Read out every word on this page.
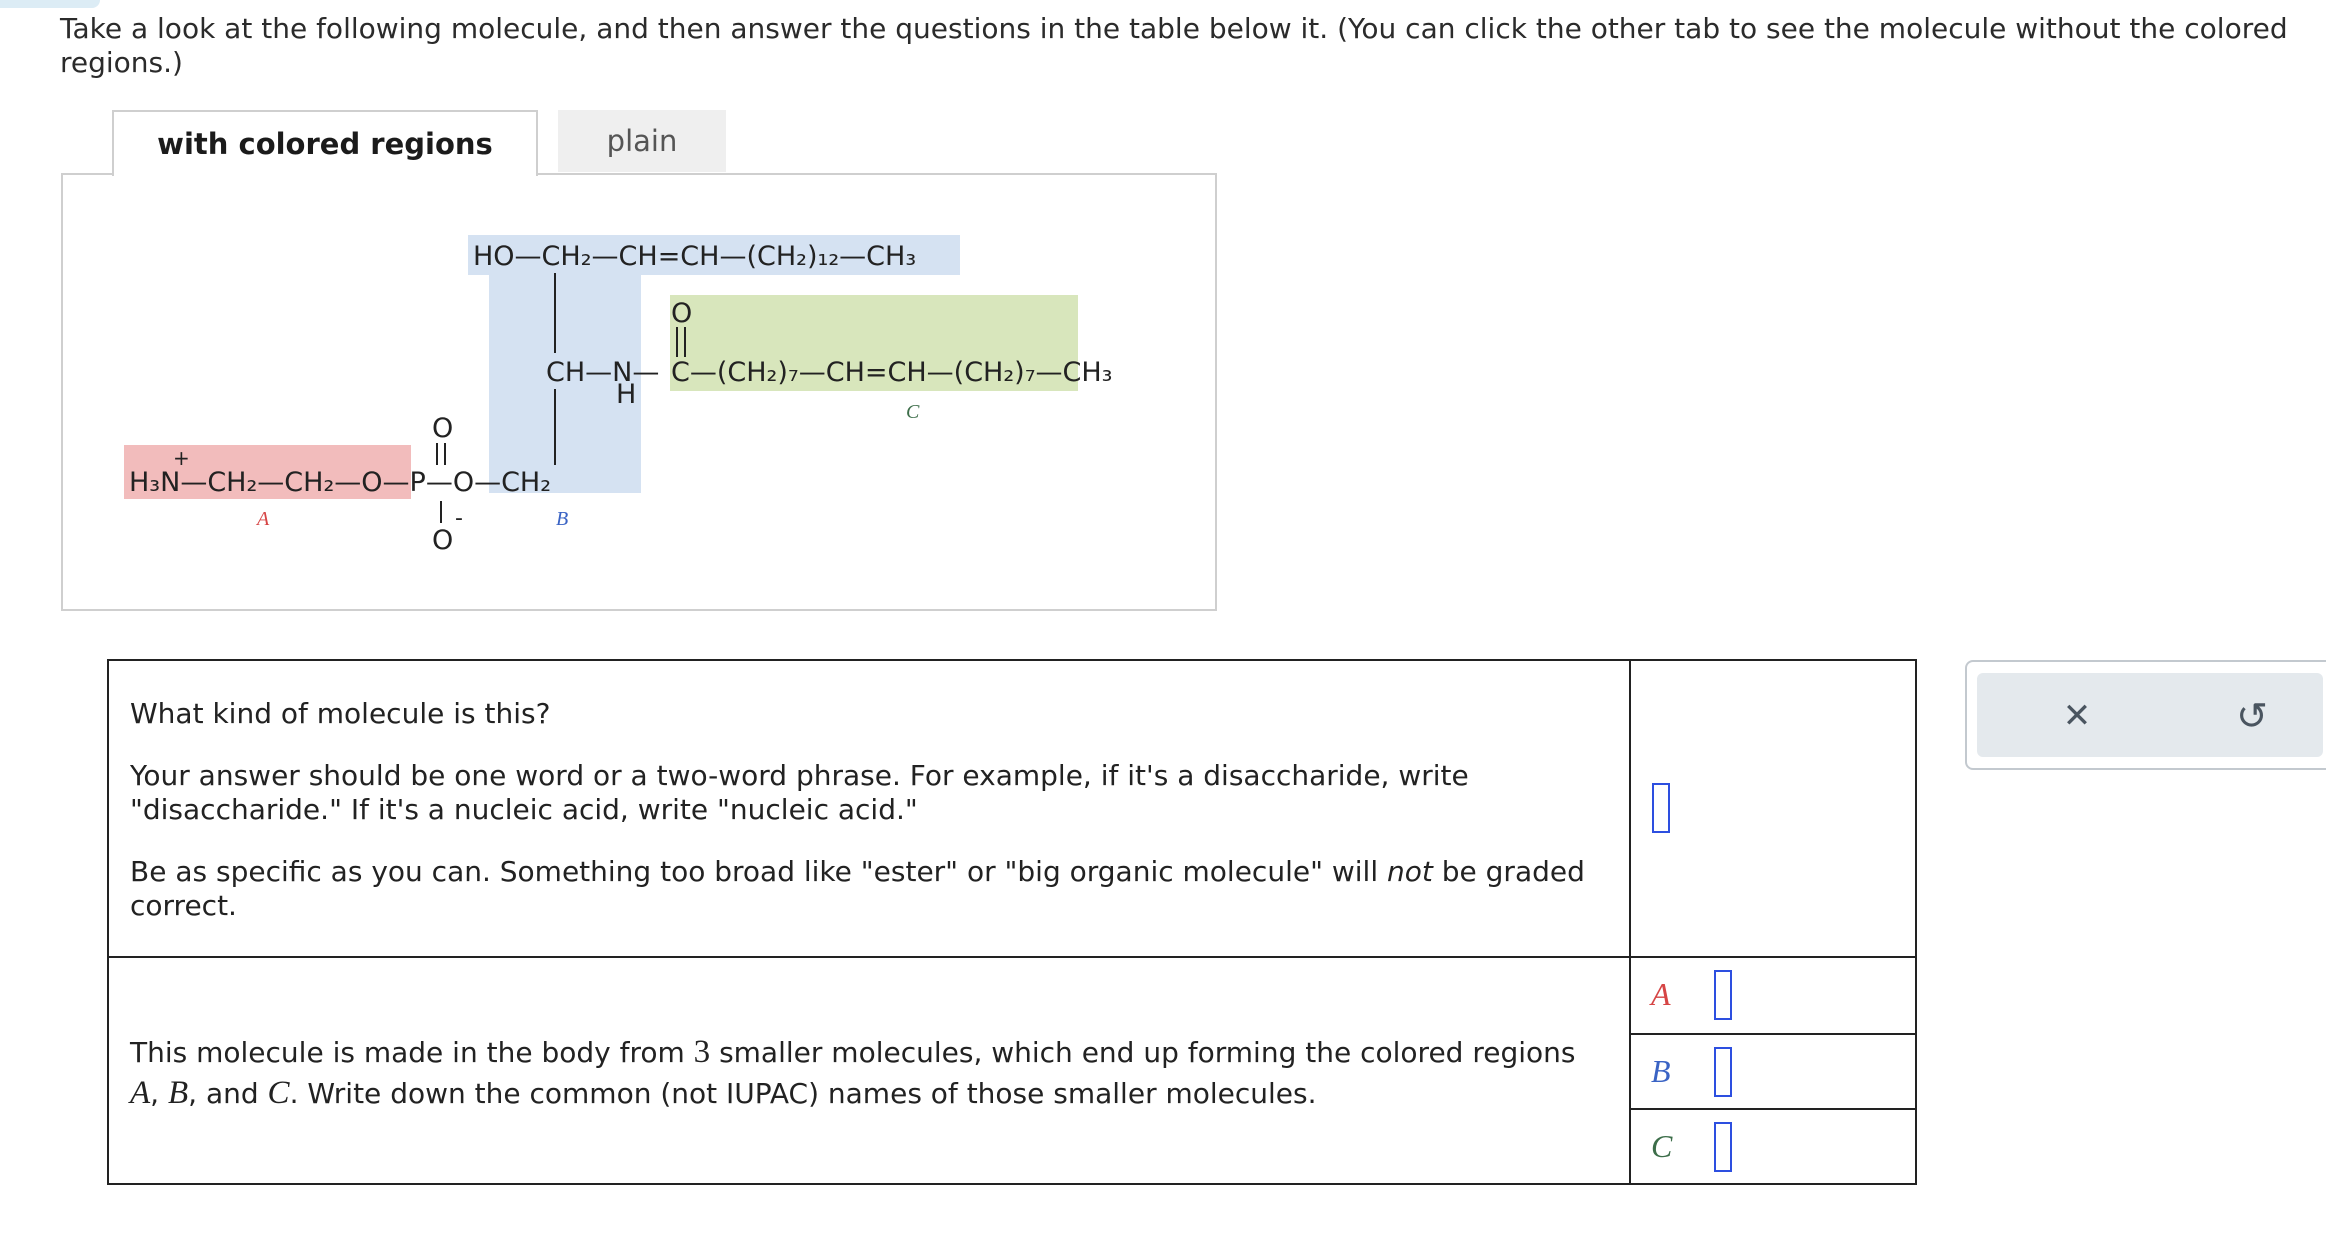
Take a look at the following molecule, and then answer the questions in the table below it. (You can click the other tab to see the molecule without the colored regions.)
with colored regions	plain
HO—CH₂—CH=CH—(CH₂)₁₂—CH₃
O
CH—N—
H
C—(CH₂)₇—CH=CH—(CH₂)₇—CH₃
C
O
+
H₃N—CH₂—CH₂—O—P—O—CH₂
O
-
A	B

What kind of molecule is this?

Your answer should be one word or a two-word phrase. For example, if it's a disaccharide, write "disaccharide." If it's a nucleic acid, write "nucleic acid."

Be as specific as you can. Something too broad like "ester" or "big organic molecule" will not be graded correct.

This molecule is made in the body from 3 smaller molecules, which end up forming the colored regions A, B, and C. Write down the common (not IUPAC) names of those smaller molecules.
A
B
C
✕	↺
